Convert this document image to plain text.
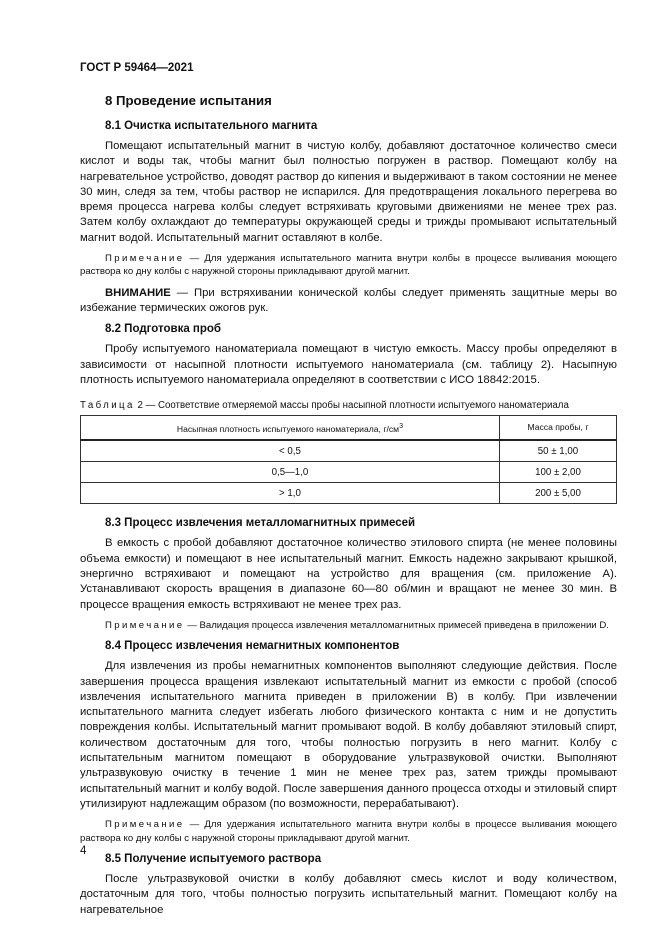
ГОСТ Р 59464—2021

8 Проведение испытания
8.1 Очистка испытательного магнита

Помещают испытательный магнит в чистую колбу, добавляют достаточное количество смеси кислот и воды так, чтобы магнит был полностью погружен в раствор. Помещают колбу на нагревательное устройство, доводят раствор до кипения и выдерживают в таком состоянии не менее 30 мин, следя за тем, чтобы раствор не испарился. Для предотвращения локального перегрева во время процесса нагрева колбы следует встряхивать круговыми движениями не менее трех раз. Затем колбу охлаждают до температуры окружающей среды и трижды промывают испытательный магнит водой. Испытательный магнит оставляют в колбе.

Примечание — Для удержания испытательного магнита внутри колбы в процессе выливания моющего раствора ко дну колбы с наружной стороны прикладывают другой магнит.

ВНИМАНИЕ — При встряхивании конической колбы следует применять защитные меры во избежание термических ожогов рук.

8.2 Подготовка проб

Пробу испытуемого наноматериала помещают в чистую емкость. Массу пробы определяют в зависимости от насыпной плотности испытуемого наноматериала (см. таблицу 2). Насыпную плотность испытуемого наноматериала определяют в соответствии с ИСО 18842:2015.

Таблица 2 — Соответствие отмеряемой массы пробы насыпной плотности испытуемого наноматериала

Насыпная плотность испытуемого наноматериала, $г/см^3$	Масса пробы, г
< 0,5	50 ± 1,00
0,5—1,0	100 ± 2,00
> 1,0	200 ± 5,00
8.3 Процесс извлечения металломагнитных примесей

В емкость с пробой добавляют достаточное количество этилового спирта (не менее половины объема емкости) и помещают в нее испытательный магнит. Емкость надежно закрывают крышкой, энергично встряхивают и помещают на устройство для вращения (см. приложение А). Устанавливают скорость вращения в диапазоне 60—80 об/мин и вращают не менее 30 мин. В процессе вращения емкость встряхивают не менее трех раз.

Примечание — Валидация процесса извлечения металломагнитных примесей приведена в приложении D.

8.4 Процесс извлечения немагнитных компонентов

Для извлечения из пробы немагнитных компонентов выполняют следующие действия. После завершения процесса вращения извлекают испытательный магнит из емкости с пробой (способ извлечения испытательного магнита приведен в приложении В) в колбу. При извлечении испытательного магнита следует избегать любого физического контакта с ним и не допустить повреждения колбы. Испытательный магнит промывают водой. В колбу добавляют этиловый спирт, количеством достаточным для того, чтобы полностью погрузить в него магнит. Колбу с испытательным магнитом помещают в оборудование ультразвуковой очистки. Выполняют ультразвуковую очистку в течение 1 мин не менее трех раз, затем трижды промывают испытательный магнит и колбу водой. После завершения данного процесса отходы и этиловый спирт утилизируют надлежащим образом (по возможности, перерабатывают).

Примечание — Для удержания испытательного магнита внутри колбы в процессе выливания моющего раствора ко дну колбы с наружной стороны прикладывают другой магнит.

8.5 Получение испытуемого раствора

После ультразвуковой очистки в колбу добавляют смесь кислот и воду количеством, достаточным для того, чтобы полностью погрузить испытательный магнит. Помещают колбу на нагревательное

4
